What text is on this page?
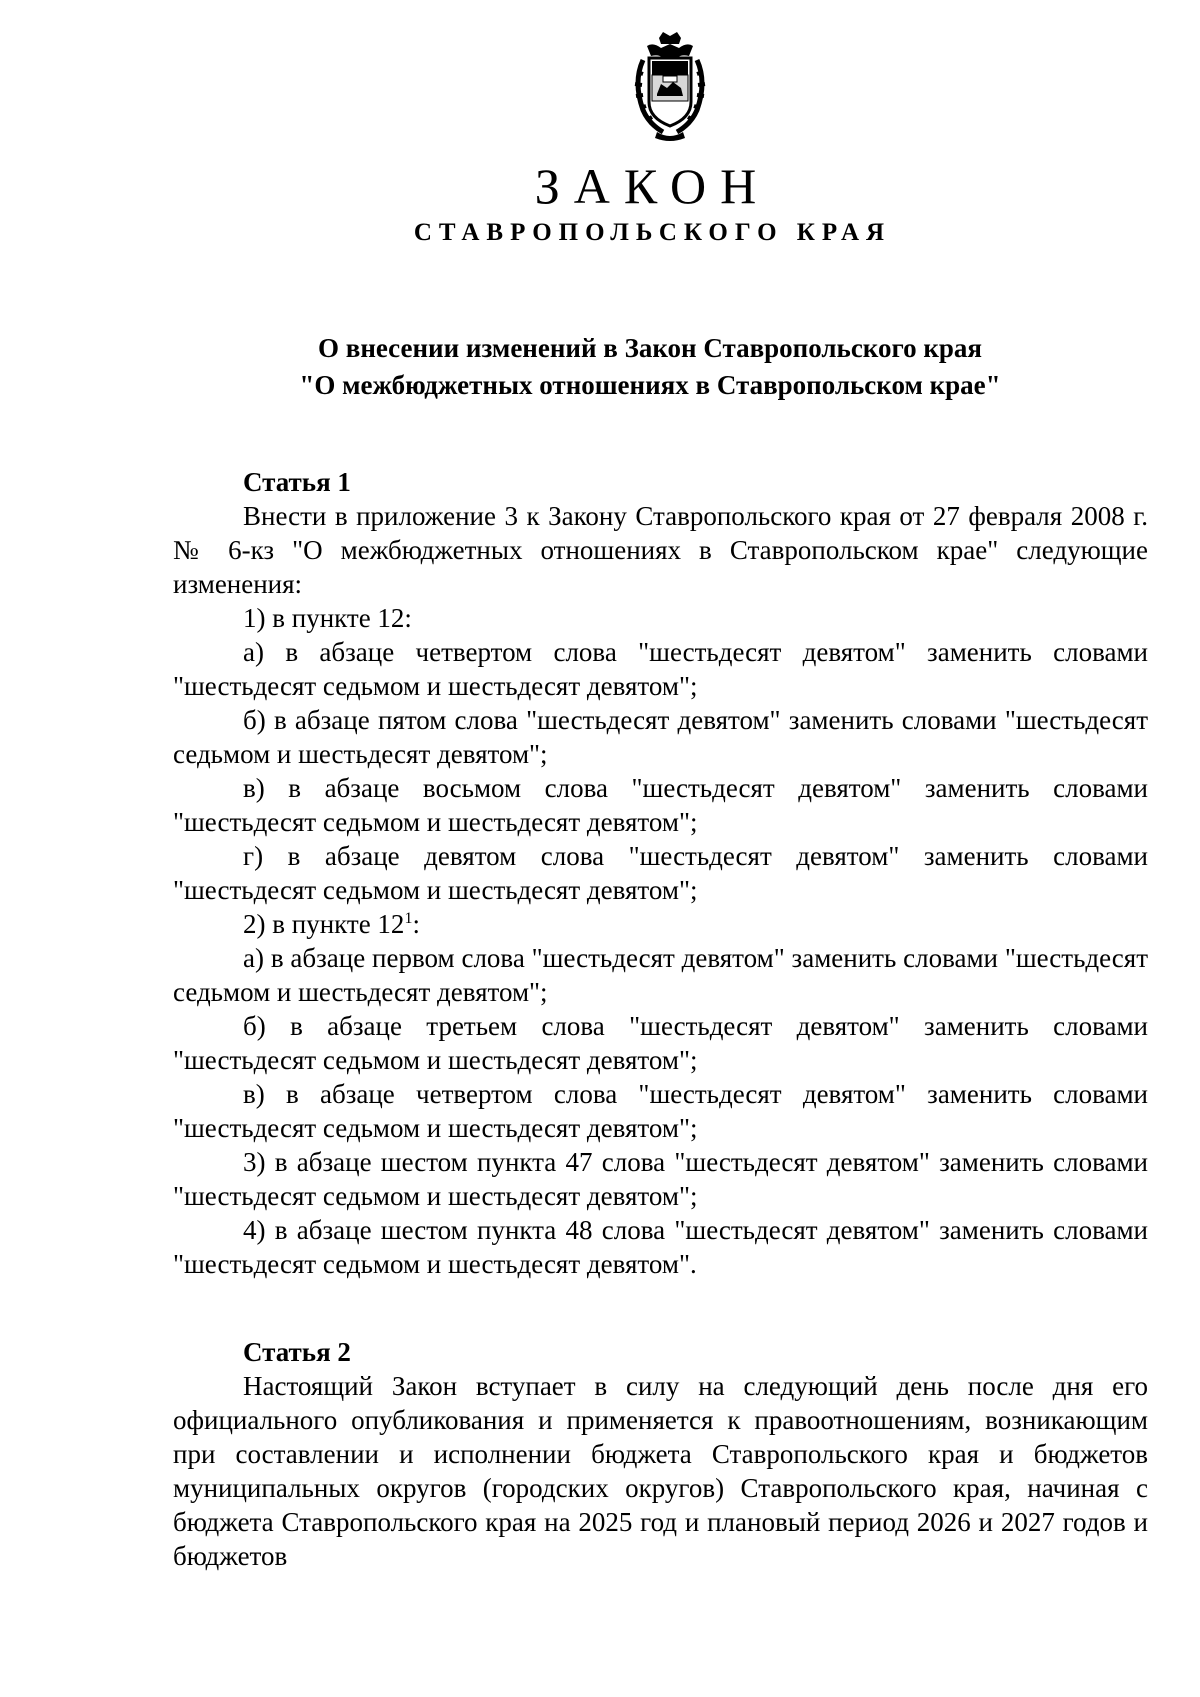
ЗАКОН
СТАВРОПОЛЬСКОГО КРАЯ
О внесении изменений в Закон Ставропольского края
"О межбюджетных отношениях в Ставропольском крае"

Статья 1

Внести в приложение 3 к Закону Ставропольского края от 27 февраля 2008 г. № 6-кз "О межбюджетных отношениях в Ставропольском крае" следующие изменения:

1) в пункте 12:

а) в абзаце четвертом слова "шестьдесят девятом" заменить словами "шестьдесят седьмом и шестьдесят девятом";

б) в абзаце пятом слова "шестьдесят девятом" заменить словами "шестьдесят седьмом и шестьдесят девятом";

в) в абзаце восьмом слова "шестьдесят девятом" заменить словами "шестьдесят седьмом и шестьдесят девятом";

г) в абзаце девятом слова "шестьдесят девятом" заменить словами "шестьдесят седьмом и шестьдесят девятом";

2) в пункте $12^1$:

а) в абзаце первом слова "шестьдесят девятом" заменить словами "шестьдесят седьмом и шестьдесят девятом";

б) в абзаце третьем слова "шестьдесят девятом" заменить словами "шестьдесят седьмом и шестьдесят девятом";

в) в абзаце четвертом слова "шестьдесят девятом" заменить словами "шестьдесят седьмом и шестьдесят девятом";

3) в абзаце шестом пункта 47 слова "шестьдесят девятом" заменить словами "шестьдесят седьмом и шестьдесят девятом";

4) в абзаце шестом пункта 48 слова "шестьдесят девятом" заменить словами "шестьдесят седьмом и шестьдесят девятом".

Статья 2

Настоящий Закон вступает в силу на следующий день после дня его официального опубликования и применяется к правоотношениям, возникающим при составлении и исполнении бюджета Ставропольского края и бюджетов муниципальных округов (городских округов) Ставропольского края, начиная с бюджета Ставропольского края на 2025 год и плановый период 2026 и 2027 годов и бюджетов
